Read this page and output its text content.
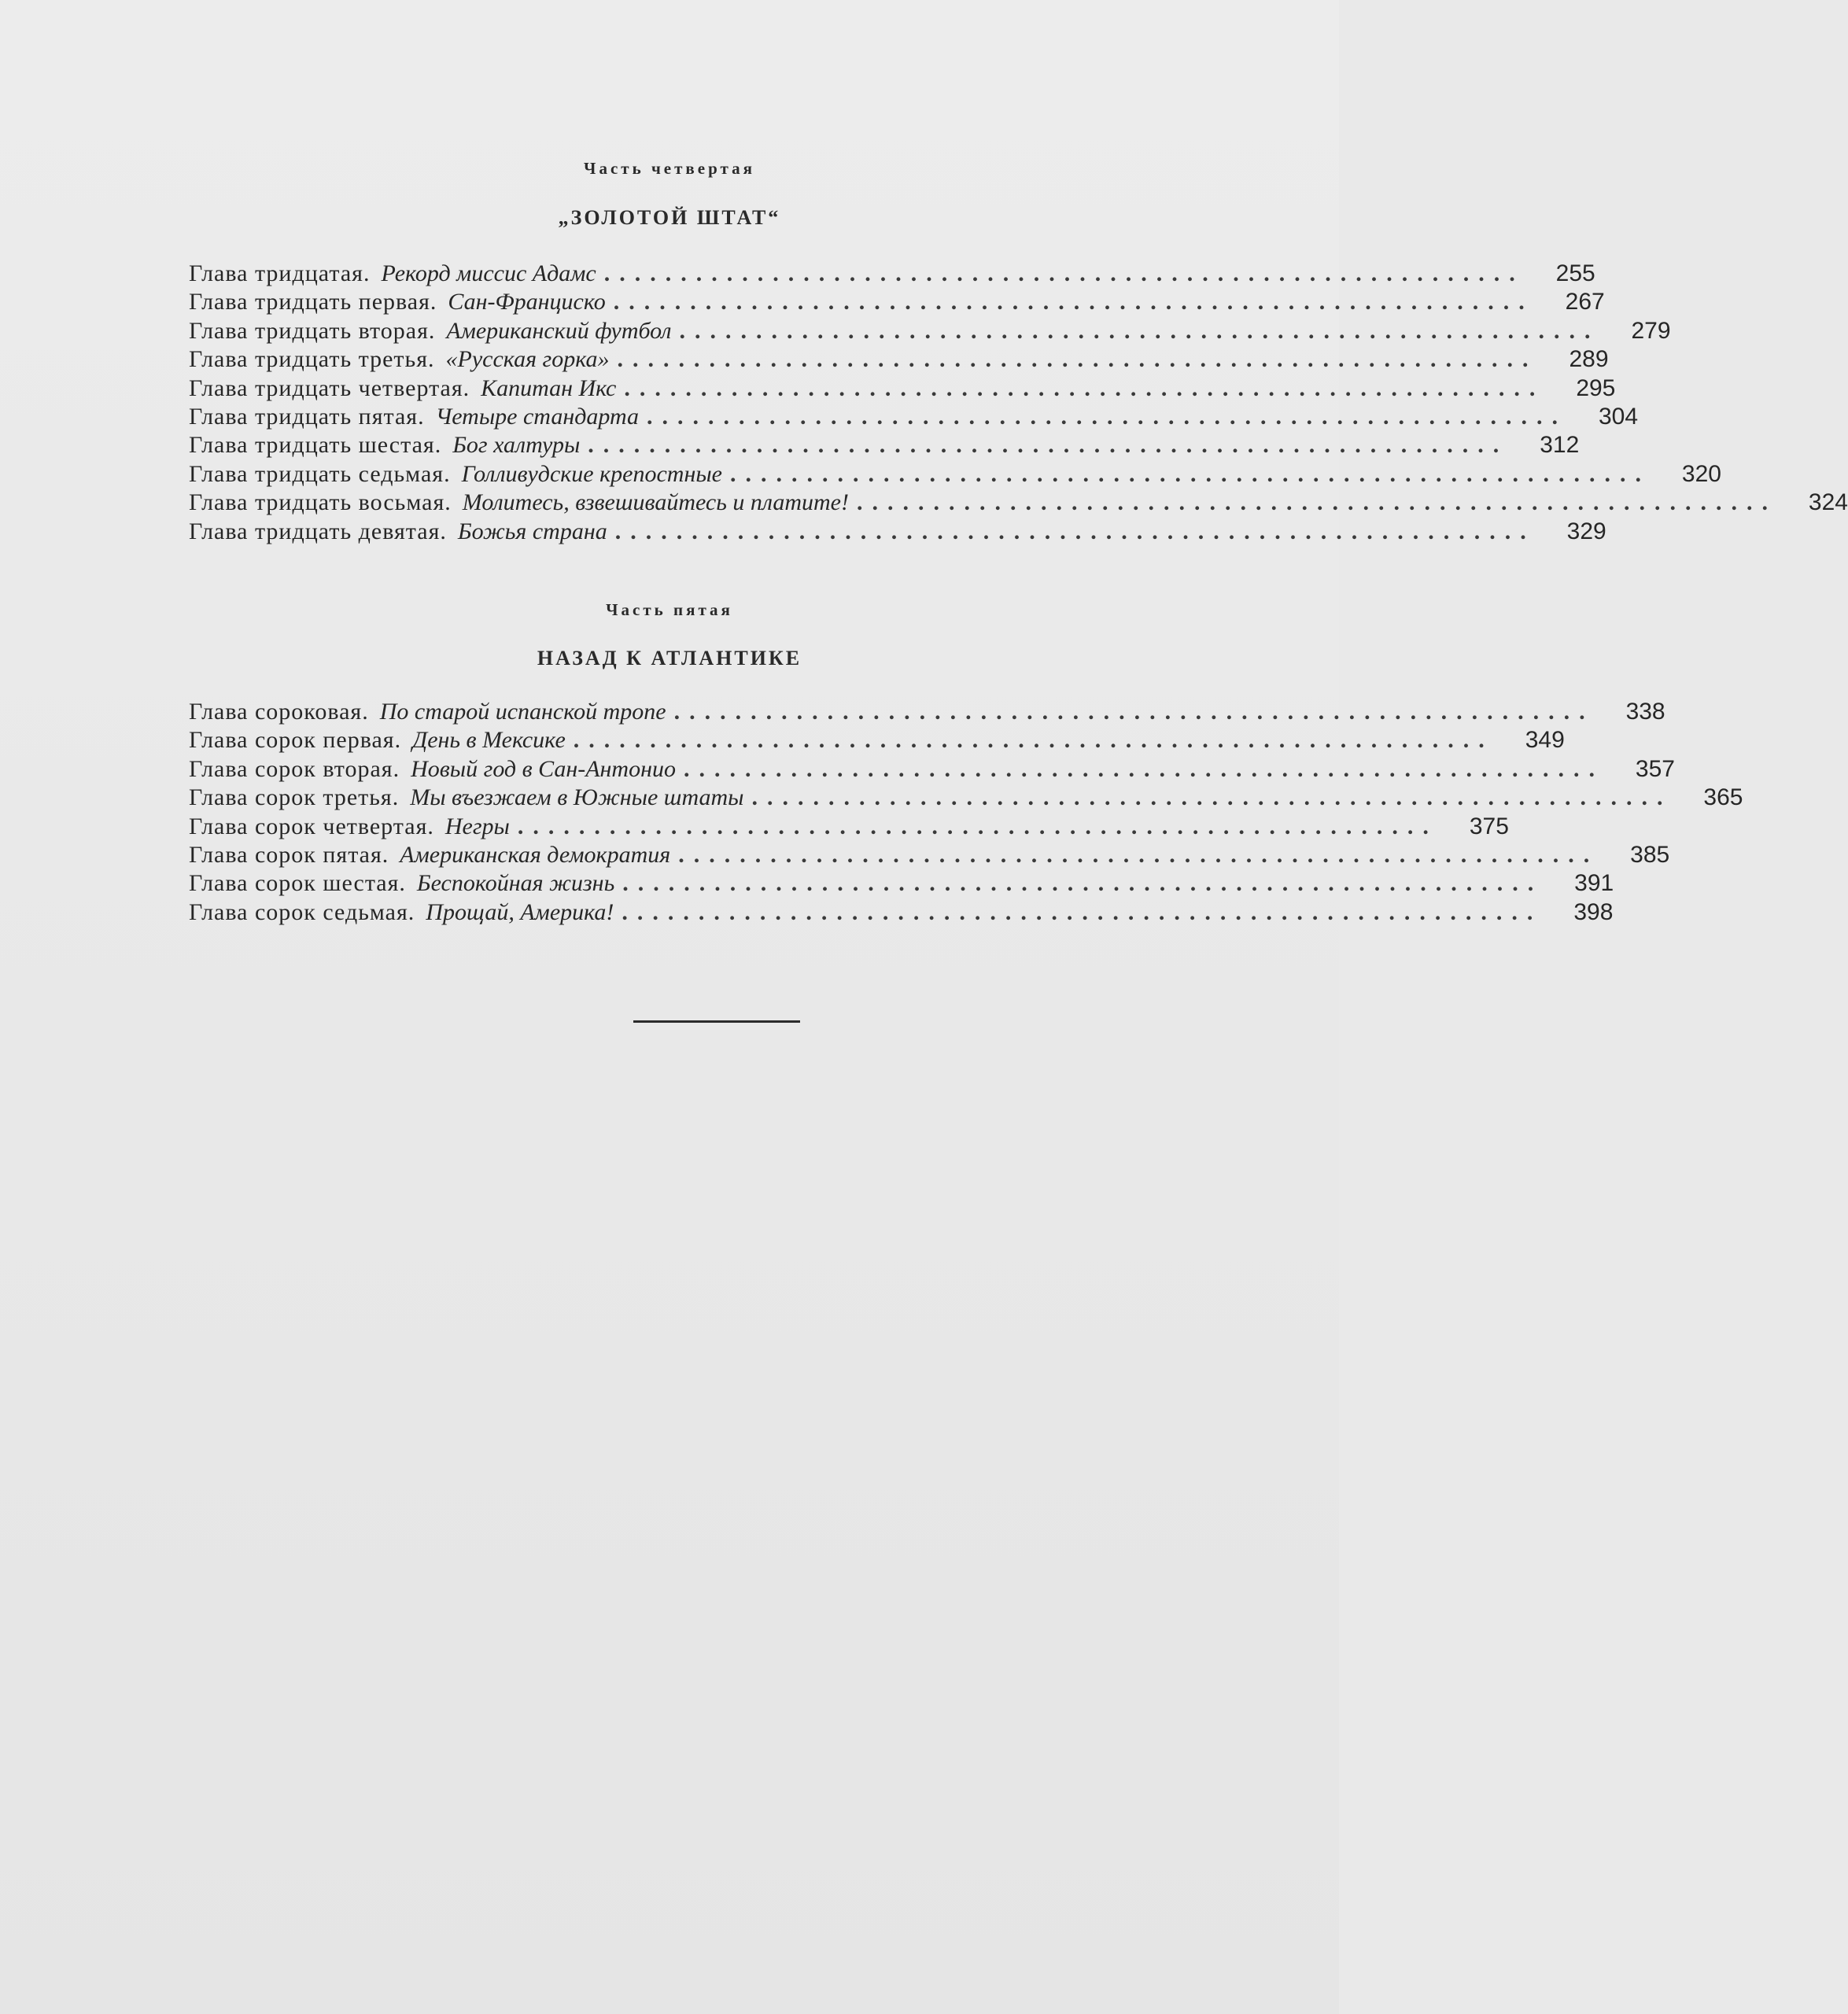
Часть четвертая
„ЗОЛОТОЙ ШТАТ“
Глава тридцатая. Рекорд миссис Адамс ............................................................	255
Глава тридцать первая. Сан-Франциско ............................................................	267
Глава тридцать вторая. Американский футбол ............................................................	279
Глава тридцать третья. «Русская горка» ............................................................	289
Глава тридцать четвертая. Капитан Икс ............................................................	295
Глава тридцать пятая. Четыре стандарта ............................................................	304
Глава тридцать шестая. Бог халтуры ............................................................	312
Глава тридцать седьмая. Голливудские крепостные ............................................................	320
Глава тридцать восьмая. Молитесь, взвешивайтесь и платите! ............................................................	324
Глава тридцать девятая. Божья страна ............................................................	329
Часть пятая
НАЗАД К АТЛАНТИКЕ
Глава сороковая. По старой испанской тропе ............................................................	338
Глава сорок первая. День в Мексике ............................................................	349
Глава сорок вторая. Новый год в Сан-Антонио ............................................................	357
Глава сорок третья. Мы въезжаем в Южные штаты ............................................................	365
Глава сорок четвертая. Негры ............................................................	375
Глава сорок пятая. Американская демократия ............................................................	385
Глава сорок шестая. Беспокойная жизнь ............................................................	391
Глава сорок седьмая. Прощай, Америка! ............................................................	398
